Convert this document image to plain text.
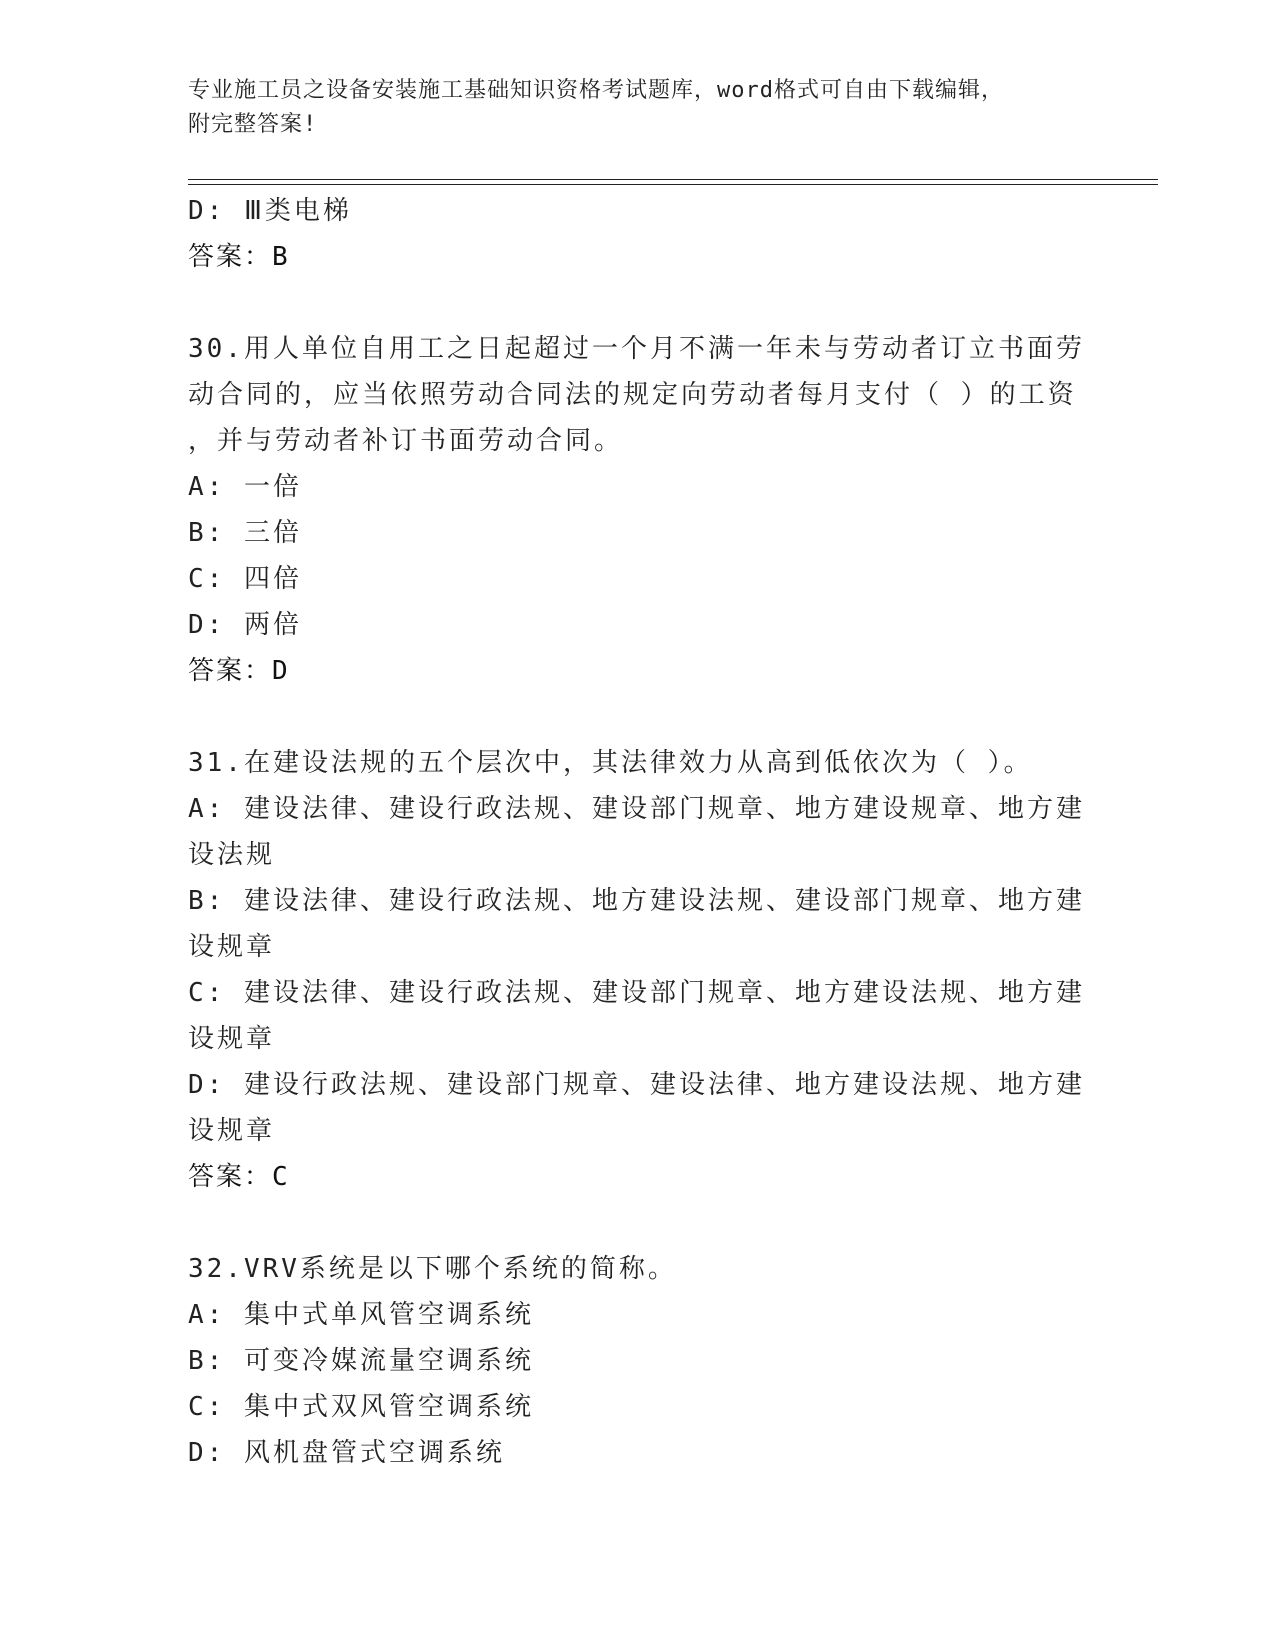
专业施工员之设备安装施工基础知识资格考试题库，word格式可自由下载编辑，
附完整答案!
D: Ⅲ类电梯
答案：B
30.用人单位自用工之日起超过一个月不满一年未与劳动者订立书面劳
动合同的，应当依照劳动合同法的规定向劳动者每月支付（ ）的工资
，并与劳动者补订书面劳动合同。
A: 一倍
B: 三倍
C: 四倍
D: 两倍
答案：D
31.在建设法规的五个层次中，其法律效力从高到低依次为（ ）。
A: 建设法律、建设行政法规、建设部门规章、地方建设规章、地方建
设法规
B: 建设法律、建设行政法规、地方建设法规、建设部门规章、地方建
设规章
C: 建设法律、建设行政法规、建设部门规章、地方建设法规、地方建
设规章
D: 建设行政法规、建设部门规章、建设法律、地方建设法规、地方建
设规章
答案：C
32.VRV系统是以下哪个系统的简称。
A: 集中式单风管空调系统
B: 可变冷媒流量空调系统
C: 集中式双风管空调系统
D: 风机盘管式空调系统
